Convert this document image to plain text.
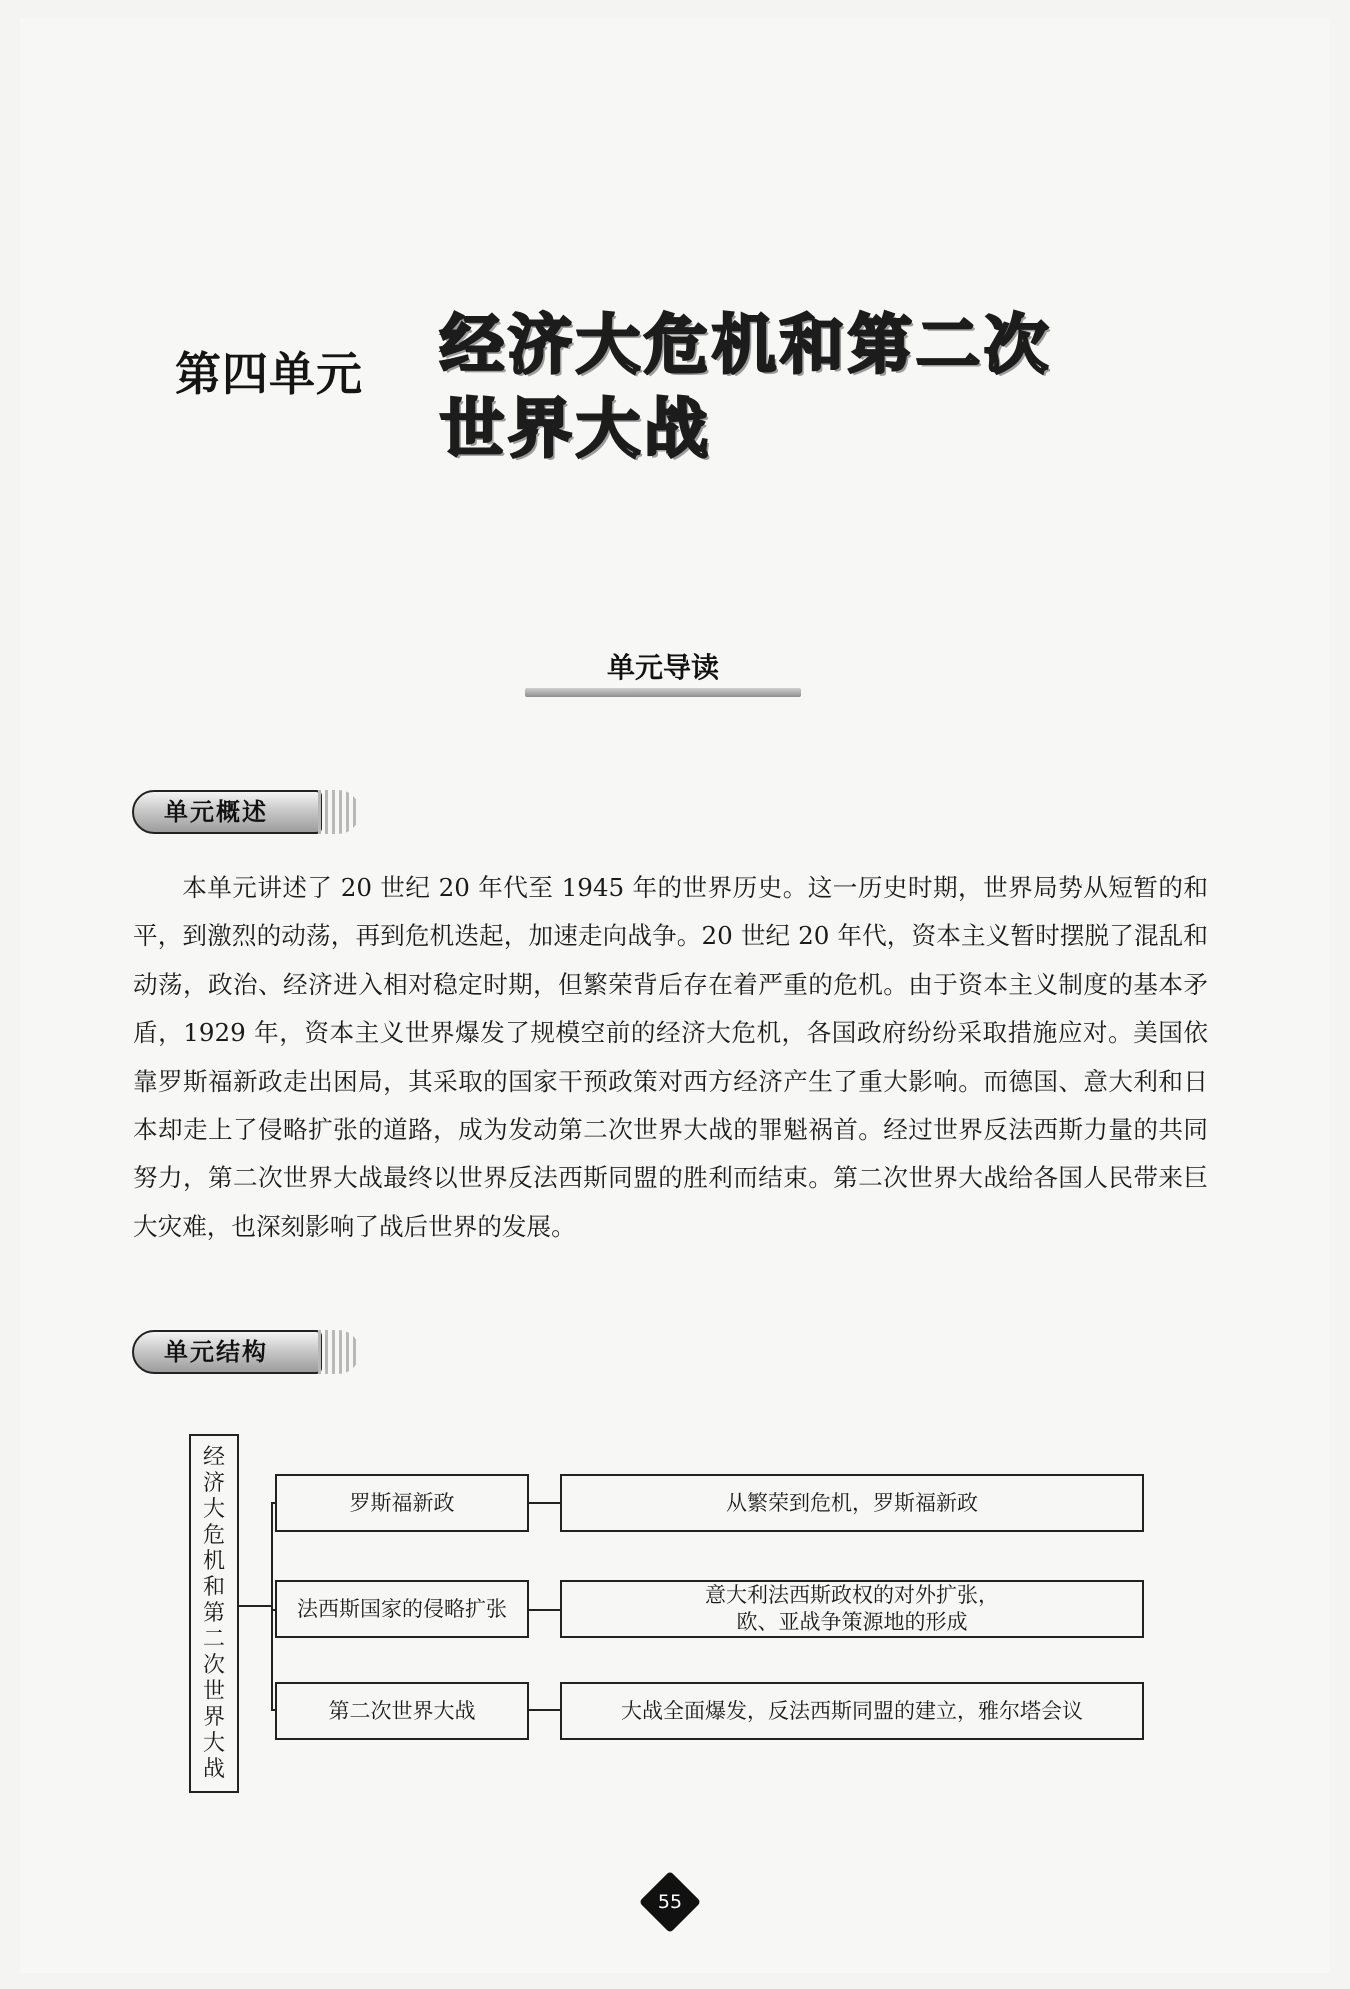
第四单元 经济大危机和第二次
世界大战
单元导读
单元概述

本单元讲述了 20 世纪 20 年代至 1945 年的世界历史。这一历史时期，世界局势从短暂的和平，到激烈的动荡，再到危机迭起，加速走向战争。20 世纪 20 年代，资本主义暂时摆脱了混乱和动荡，政治、经济进入相对稳定时期，但繁荣背后存在着严重的危机。由于资本主义制度的基本矛盾，1929 年，资本主义世界爆发了规模空前的经济大危机，各国政府纷纷采取措施应对。美国依靠罗斯福新政走出困局，其采取的国家干预政策对西方经济产生了重大影响。而德国、意大利和日本却走上了侵略扩张的道路，成为发动第二次世界大战的罪魁祸首。经过世界反法西斯力量的共同努力，第二次世界大战最终以世界反法西斯同盟的胜利而结束。第二次世界大战给各国人民带来巨大灾难，也深刻影响了战后世界的发展。

单元结构
经
济
大
危
机
和
第
二
次
世
界
大
战
罗斯福新政	从繁荣到危机，罗斯福新政
法西斯国家的侵略扩张
意大利法西斯政权的对外扩张，
欧、亚战争策源地的形成
第二次世界大战	大战全面爆发，反法西斯同盟的建立，雅尔塔会议
55
